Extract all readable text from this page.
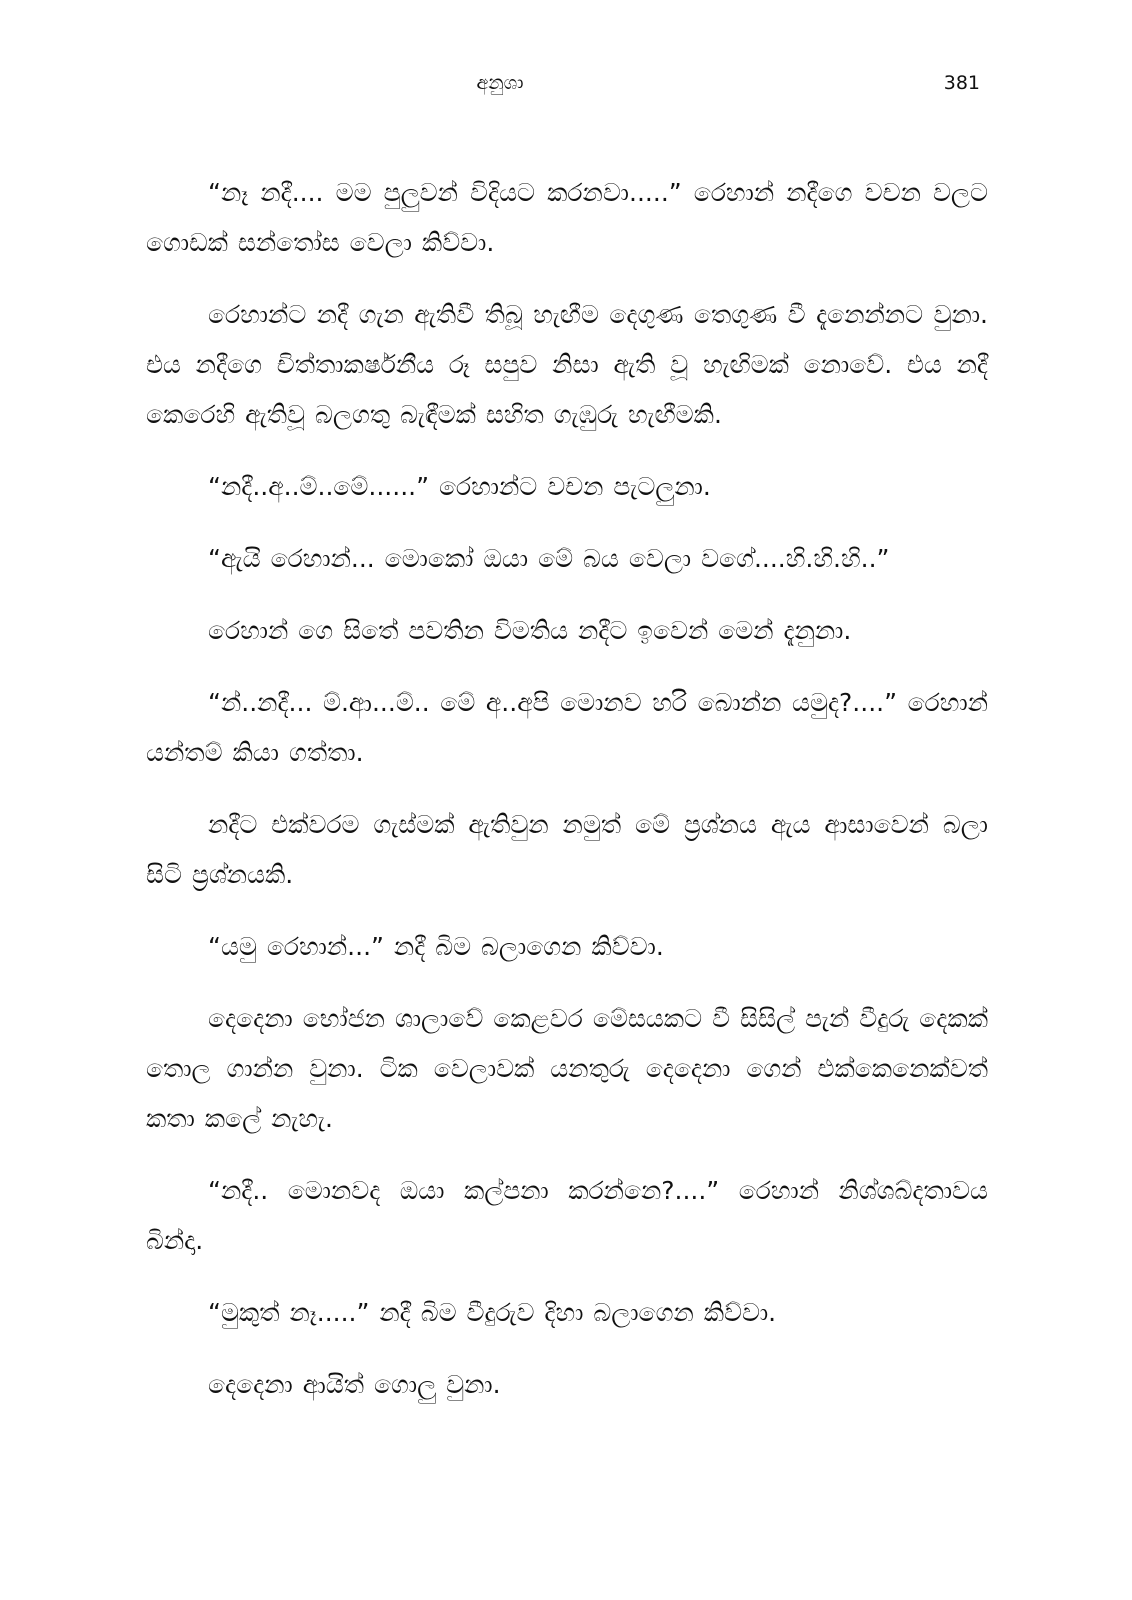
අනුශා	381

“නෑ නදී.... මම පුලුවන් විදියට කරනවා.....” රෙහාන් නදීගෙ වචන වලට ගොඩක් සන්තෝස වෙලා කිව්වා.

රෙහාන්ට නදී ගැන ඇතිවී තිබූ හැඟීම දෙගුණ තෙගුණ වී දැනෙන්නට වුනා. එය නදීගෙ චිත්තාකර්ෂනීය රූ සපුව නිසා ඇති වූ හැඟිමක් නොවේ. එය නදී කෙරෙහි ඇතිවූ බලගතු බැඳීමක් සහිත ගැඹුරු හැඟීමකි.

“නදී..අ..ම්..මේ......” රෙහාන්ට වචන පැටලුනා.

“ඇයි රෙහාන්... මොකෝ ඔයා මේ බය වෙලා වගේ....හි.හි.හි..”

රෙහාන් ගෙ සිතේ පවතින විමතිය නදීට ඉවෙන් මෙන් දැනුනා.

“න්..නදී... ම්.ආ...ම්.. මේ අ..අපි මොනව හරි බොන්න යමුද?....” රෙහාන් යන්තම් කියා ගත්තා.

නදීට එක්වරම ගැස්මක් ඇතිවුන නමුත් මේ ප්‍රශ්නය ඇය ආසාවෙන් බලා සිටි ප්‍රශ්නයකි.

“යමු රෙහාන්...” නදී බිම බලාගෙන කිව්වා.

දෙදෙනා භෝජන ශාලාවේ කෙළවර මේසයකට වී සිසිල් පැන් වීදුරු දෙකක් තොල ගාන්න වුනා. ටික වෙලාවක් යනතුරු දෙදෙනා ගෙන් එක්කෙනෙක්වත් කතා කලේ නැහැ.

“නදී.. මොනවද ඔයා කල්පනා කරන්නෙ?....” රෙහාන් නිශ්ශබ්දතාවය බින්දා.

“මුකුත් නෑ.....” නදී බිම වීදුරුව දිහා බලාගෙන කිව්වා.

දෙදෙනා ආයිත් ගොලු වුනා.
